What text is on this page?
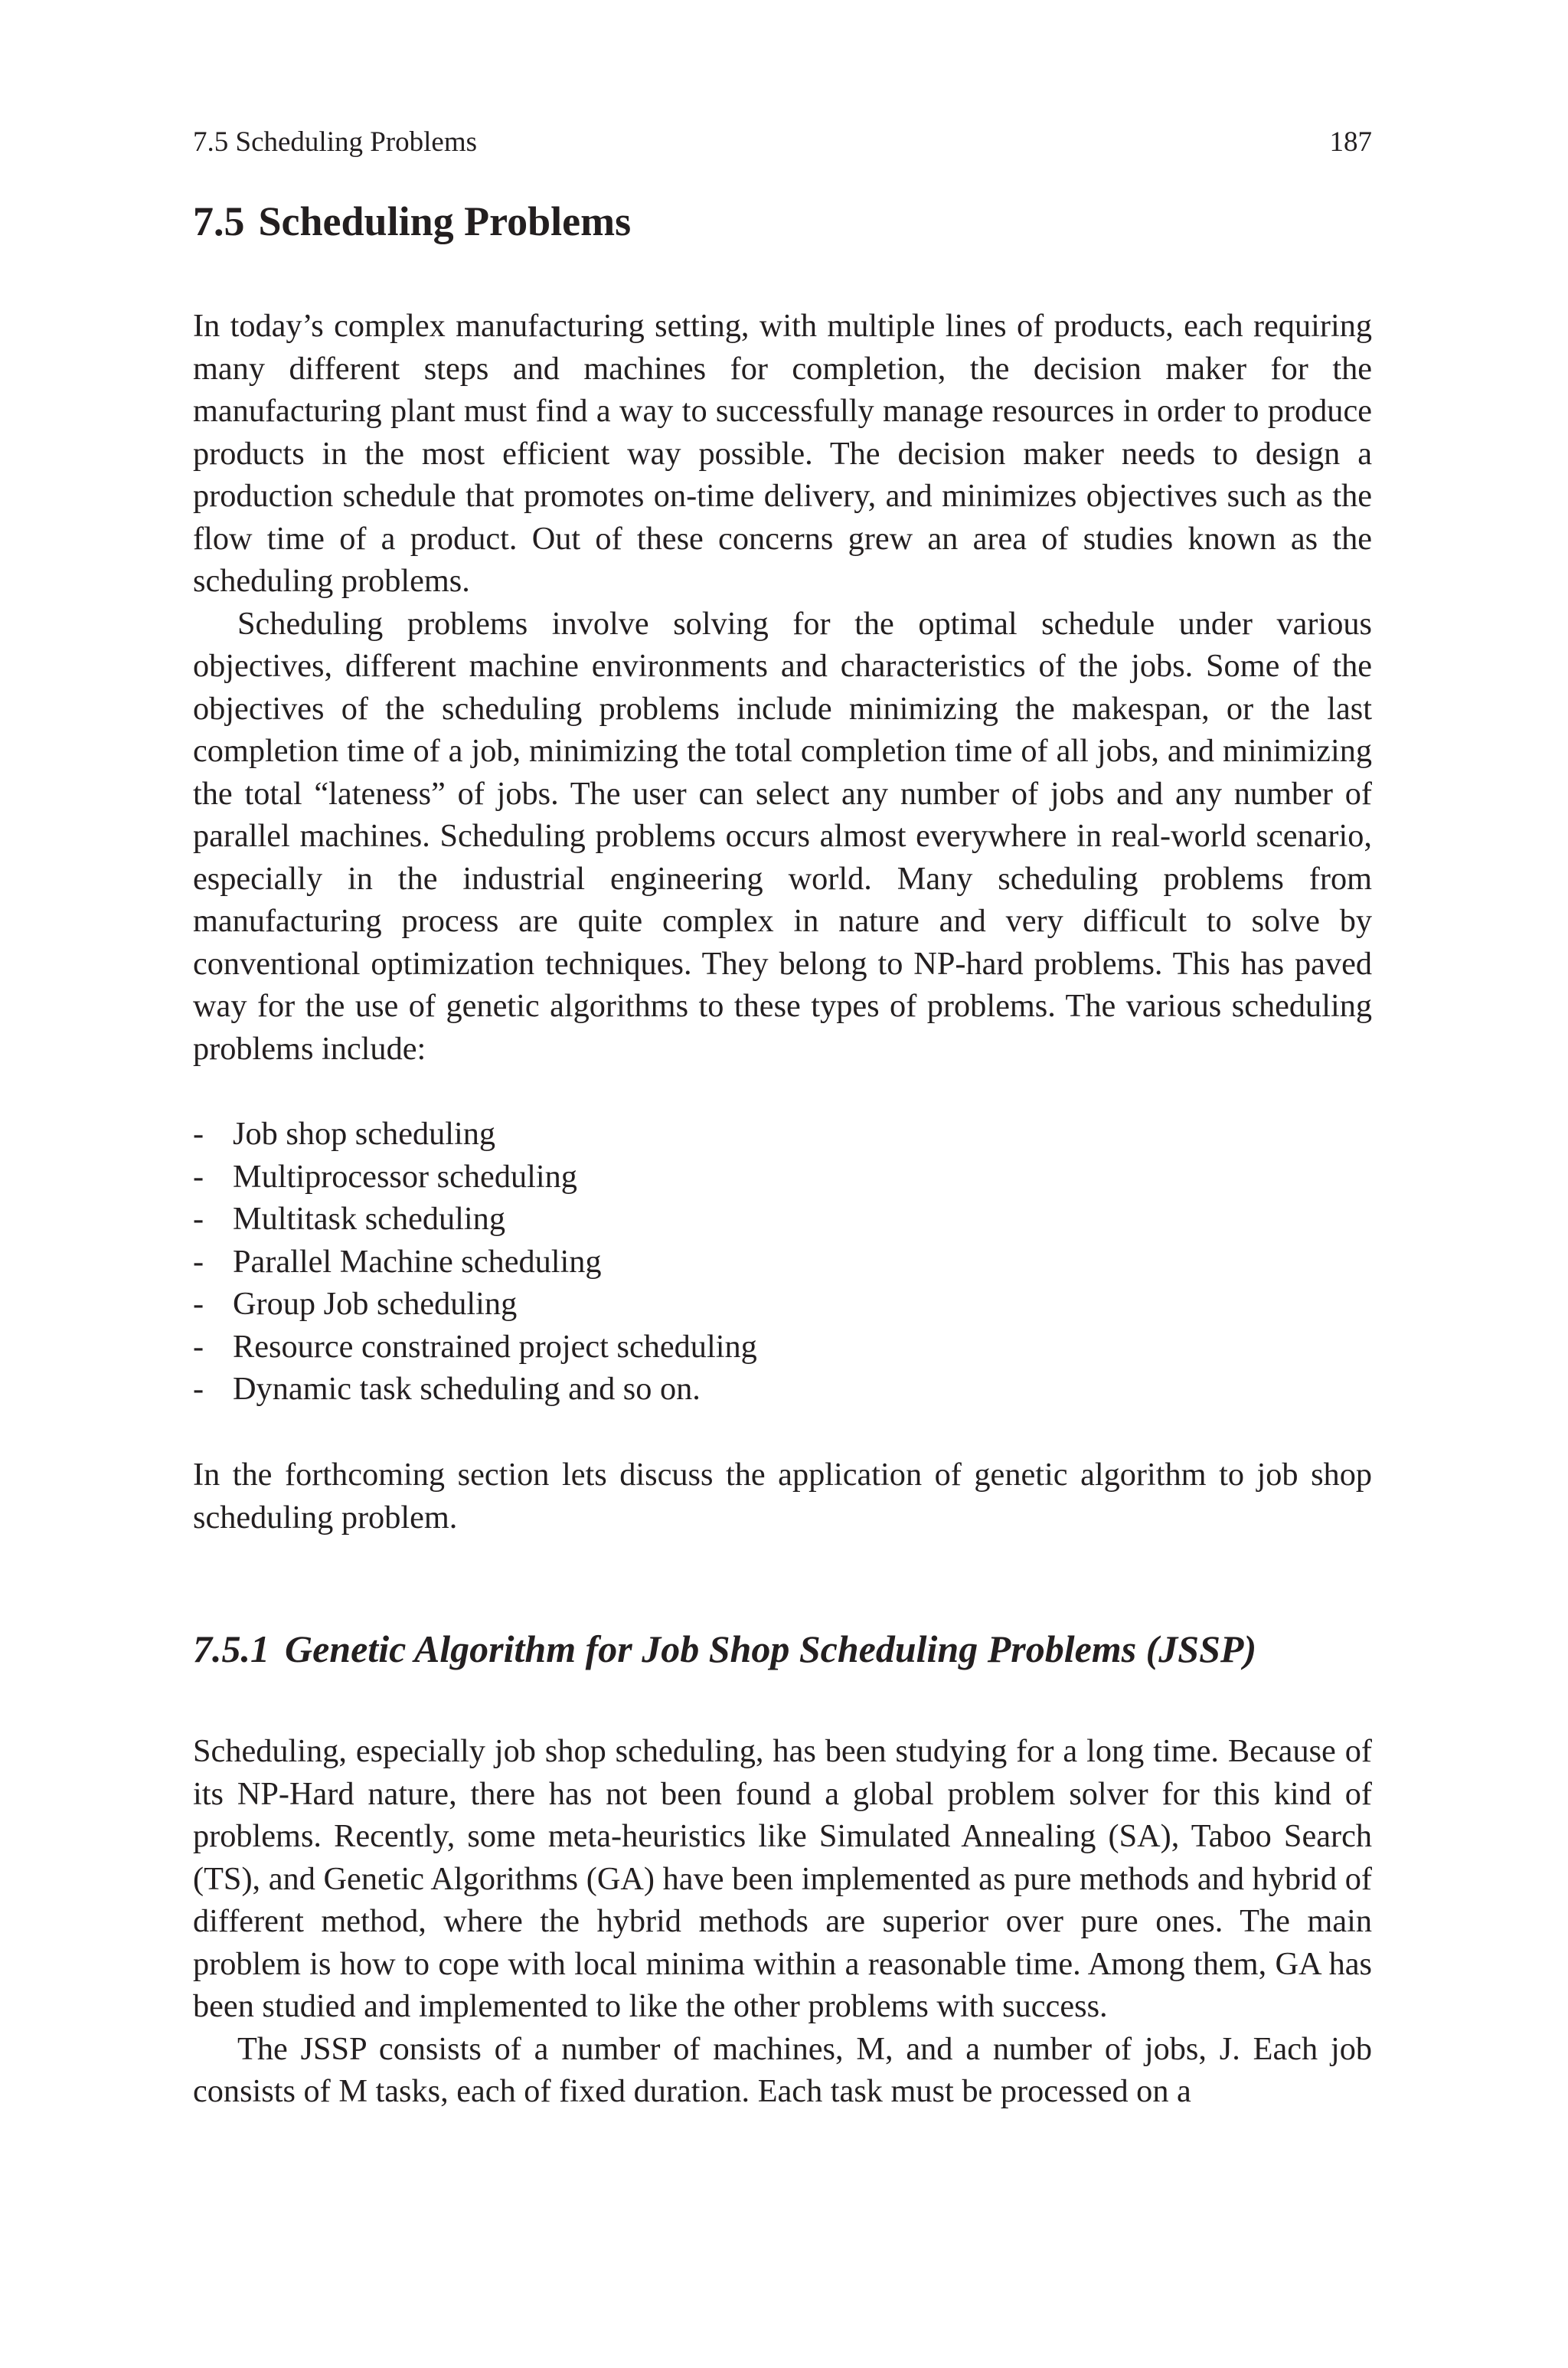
7.5 Scheduling Problems	187
7.5 Scheduling Problems

In today’s complex manufacturing setting, with multiple lines of products, each requiring many different steps and machines for completion, the decision maker for the manufacturing plant must find a way to successfully manage resources in order to produce products in the most efficient way possible. The decision maker needs to design a production schedule that promotes on-time delivery, and minimizes objectives such as the flow time of a product. Out of these concerns grew an area of studies known as the scheduling problems.

Scheduling problems involve solving for the optimal schedule under various objectives, different machine environments and characteristics of the jobs. Some of the objectives of the scheduling problems include minimizing the makespan, or the last completion time of a job, minimizing the total completion time of all jobs, and minimizing the total “lateness” of jobs. The user can select any number of jobs and any number of parallel machines. Scheduling problems occurs almost everywhere in real-world scenario, especially in the industrial engineering world. Many scheduling problems from manufacturing process are quite complex in nature and very difficult to solve by conventional optimization techniques. They belong to NP-hard problems. This has paved way for the use of genetic algorithms to these types of problems. The various scheduling problems include:

- Job shop scheduling
- Multiprocessor scheduling
- Multitask scheduling
- Parallel Machine scheduling
- Group Job scheduling
- Resource constrained project scheduling
- Dynamic task scheduling and so on.

In the forthcoming section lets discuss the application of genetic algorithm to job shop scheduling problem.

7.5.1 Genetic Algorithm for Job Shop Scheduling Problems (JSSP)

Scheduling, especially job shop scheduling, has been studying for a long time. Because of its NP-Hard nature, there has not been found a global problem solver for this kind of problems. Recently, some meta-heuristics like Simulated Annealing (SA), Taboo Search (TS), and Genetic Algorithms (GA) have been implemented as pure methods and hybrid of different method, where the hybrid methods are superior over pure ones. The main problem is how to cope with local minima within a reasonable time. Among them, GA has been studied and implemented to like the other problems with success.

The JSSP consists of a number of machines, M, and a number of jobs, J. Each job consists of M tasks, each of fixed duration. Each task must be processed on a
